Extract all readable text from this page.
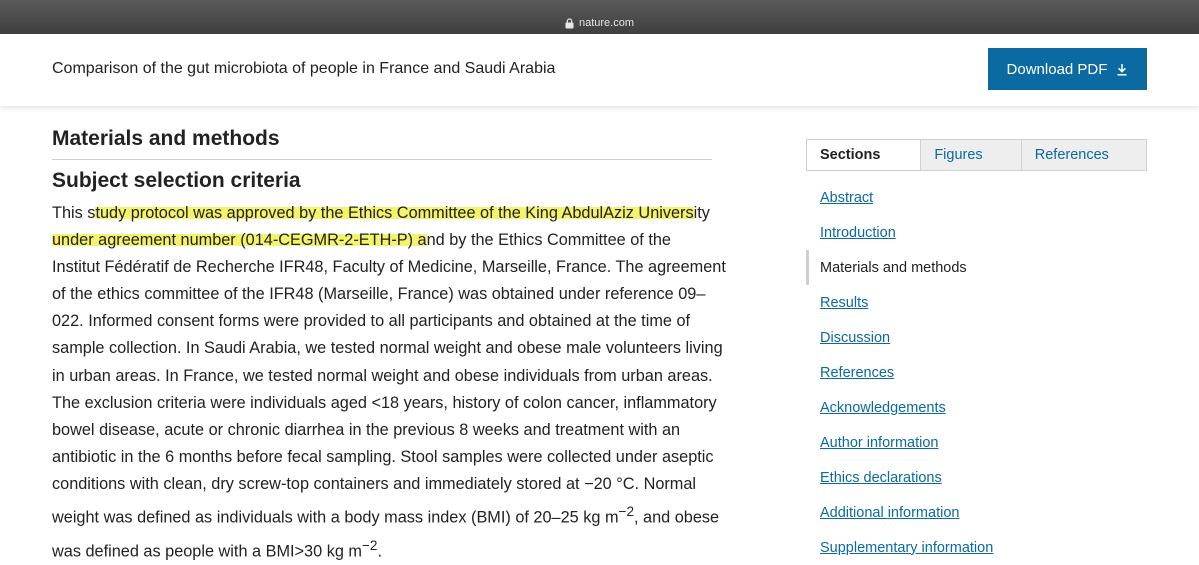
nature.com
Comparison of the gut microbiota of people in France and Saudi Arabia	Download PDF
Materials and methods
Subject selection criteria
This study protocol was approved by the Ethics Committee of the King AbdulAziz University
under agreement number (014-CEGMR-2-ETH-P) and by the Ethics Committee of the
Institut Fédératif de Recherche IFR48, Faculty of Medicine, Marseille, France. The agreement
of the ethics committee of the IFR48 (Marseille, France) was obtained under reference 09–
022. Informed consent forms were provided to all participants and obtained at the time of
sample collection. In Saudi Arabia, we tested normal weight and obese male volunteers living
in urban areas. In France, we tested normal weight and obese individuals from urban areas.
The exclusion criteria were individuals aged <18 years, history of colon cancer, inflammatory
bowel disease, acute or chronic diarrhea in the previous 8 weeks and treatment with an
antibiotic in the 6 months before fecal sampling. Stool samples were collected under aseptic
conditions with clean, dry screw-top containers and immediately stored at −20 °C. Normal
weight was defined as individuals with a body mass index (BMI) of 20–25 kg $m^{-2}$, and obese
was defined as people with a BMI>30 kg $m^{-2}$.
Sections	Figures	References
Abstract
Introduction
Materials and methods
Results
Discussion
References
Acknowledgements
Author information
Ethics declarations
Additional information
Supplementary information
